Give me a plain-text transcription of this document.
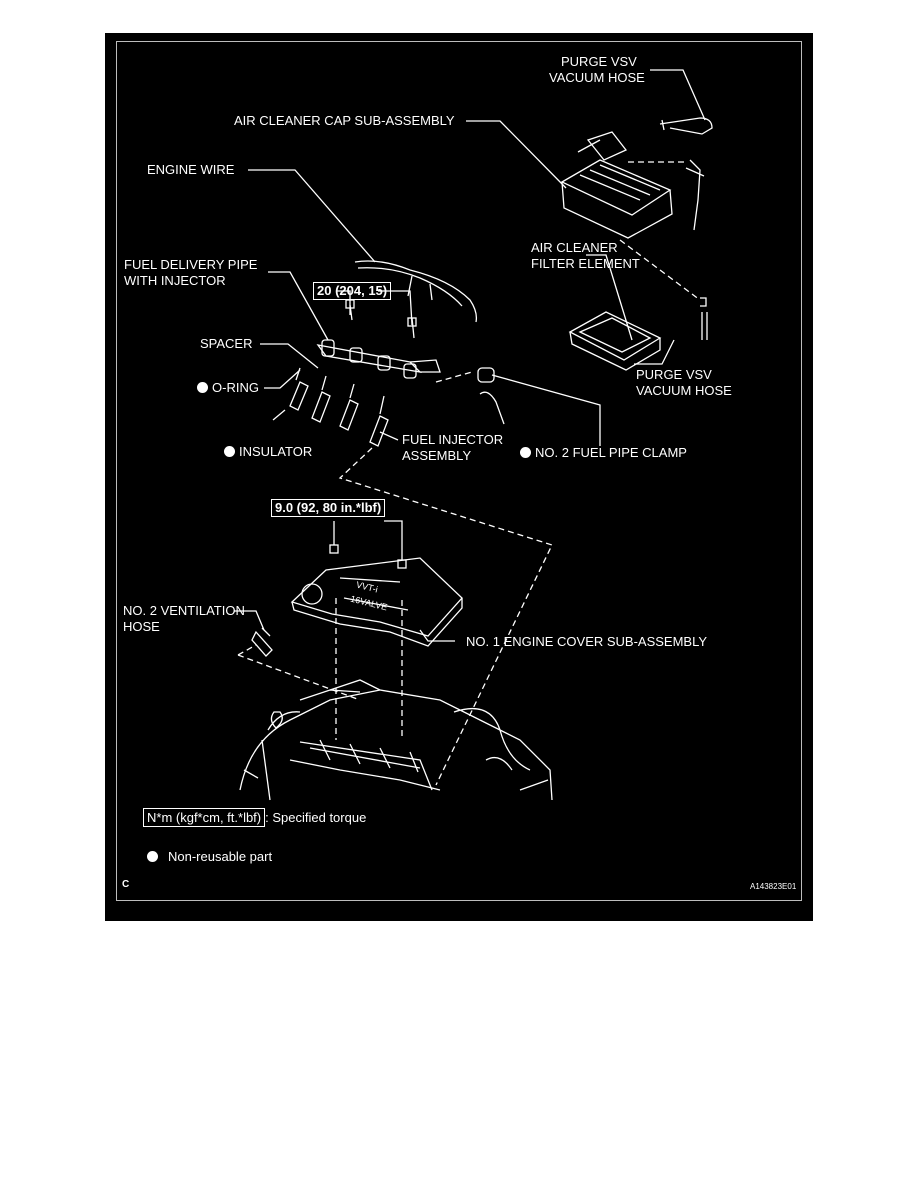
PURGE VSV
VACUUM HOSE
AIR CLEANER CAP SUB-ASSEMBLY
ENGINE WIRE
AIR CLEANER
FILTER ELEMENT
FUEL DELIVERY PIPE
WITH INJECTOR
20 (204, 15)
SPACER
O-RING
PURGE VSV
VACUUM HOSE
INSULATOR
FUEL INJECTOR
ASSEMBLY	NO. 2 FUEL PIPE CLAMP
9.0 (92, 80 in.*lbf)
VVT-i
16VALVE
NO. 2 VENTILATION
HOSE
NO. 1 ENGINE COVER SUB-ASSEMBLY
N*m (kgf*cm, ft.*lbf) : Specified torque
Non-reusable part
C	A143823E01
